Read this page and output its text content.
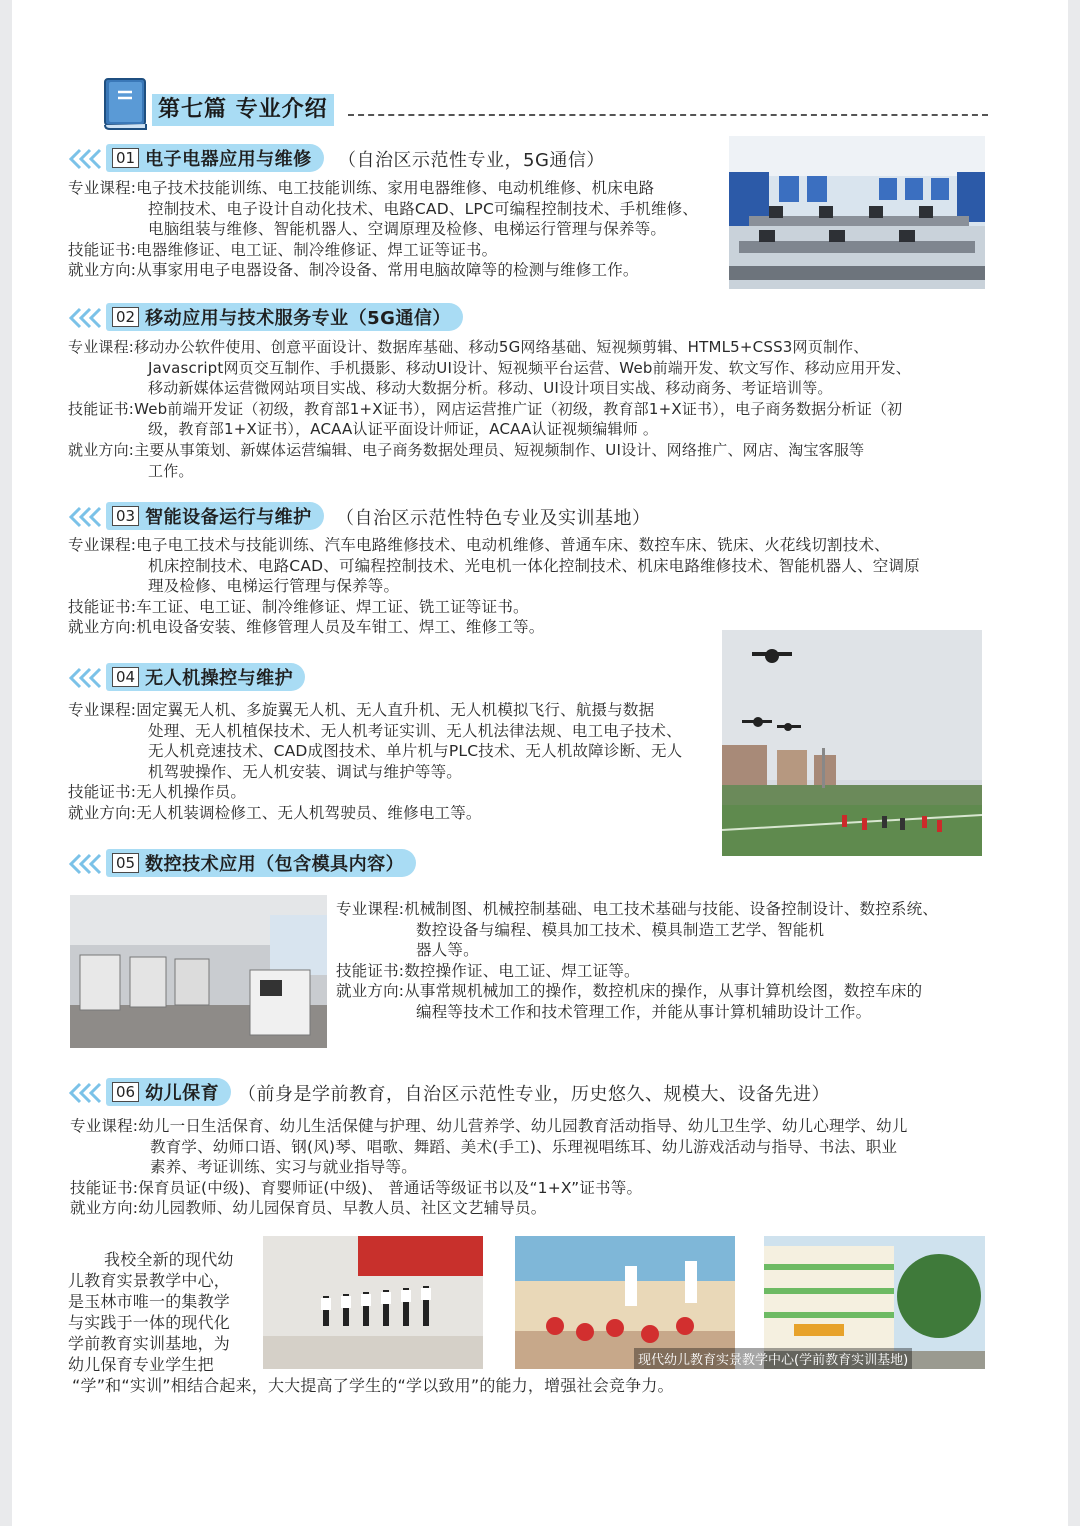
第七篇 专业介绍
01 电子电器应用与维修 （自治区示范性专业，5G通信）
专业课程:电子技术技能训练、电工技能训练、家用电器维修、电动机维修、机床电路
控制技术、电子设计自动化技术、电路CAD、LPC可编程控制技术、手机维修、
电脑组装与维修、智能机器人、空调原理及检修、电梯运行管理与保养等。
技能证书:电器维修证、电工证、制冷维修证、焊工证等证书。
就业方向:从事家用电子电器设备、制冷设备、常用电脑故障等的检测与维修工作。
02 移动应用与技术服务专业（5G通信）
专业课程:移动办公软件使用、创意平面设计、数据库基础、移动5G网络基础、短视频剪辑、HTML5+CSS3网页制作、
Javascript网页交互制作、手机摄影、移动UI设计、短视频平台运营、Web前端开发、软文写作、移动应用开发、
移动新媒体运营微网站项目实战、移动大数据分析。移动、UI设计项目实战、移动商务、考证培训等。
技能证书:Web前端开发证（初级，教育部1+X证书），网店运营推广证（初级，教育部1+X证书），电子商务数据分析证（初
级，教育部1+X证书），ACAA认证平面设计师证，ACAA认证视频编辑师 。
就业方向:主要从事策划、新媒体运营编辑、电子商务数据处理员、短视频制作、UI设计、网络推广、网店、淘宝客服等
工作。
03 智能设备运行与维护 （自治区示范性特色专业及实训基地）
专业课程:电子电工技术与技能训练、汽车电路维修技术、电动机维修、普通车床、数控车床、铣床、火花线切割技术、
机床控制技术、电路CAD、可编程控制技术、光电机一体化控制技术、机床电路维修技术、智能机器人、空调原
理及检修、电梯运行管理与保养等。
技能证书:车工证、电工证、制冷维修证、焊工证、铣工证等证书。
就业方向:机电设备安装、维修管理人员及车钳工、焊工、维修工等。
04 无人机操控与维护
专业课程:固定翼无人机、多旋翼无人机、无人直升机、无人机模拟飞行、航摄与数据
处理、无人机植保技术、无人机考证实训、无人机法律法规、电工电子技术、
无人机竞速技术、CAD成图技术、单片机与PLC技术、无人机故障诊断、无人
机驾驶操作、无人机安装、调试与维护等等。
技能证书:无人机操作员。
就业方向:无人机装调检修工、无人机驾驶员、维修电工等。
05 数控技术应用（包含模具内容）
专业课程:机械制图、机械控制基础、电工技术基础与技能、设备控制设计、数控系统、
数控设备与编程、模具加工技术、模具制造工艺学、智能机
器人等。
技能证书:数控操作证、电工证、焊工证等。
就业方向:从事常规机械加工的操作，数控机床的操作，从事计算机绘图，数控车床的
编程等技术工作和技术管理工作，并能从事计算机辅助设计工作。
06 幼儿保育 （前身是学前教育，自治区示范性专业，历史悠久、规模大、设备先进）
专业课程:幼儿一日生活保育、幼儿生活保健与护理、幼儿营养学、幼儿园教育活动指导、幼儿卫生学、幼儿心理学、幼儿
教育学、幼师口语、钢(风)琴、唱歌、舞蹈、美术(手工)、乐理视唱练耳、幼儿游戏活动与指导、书法、职业
素养、考证训练、实习与就业指导等。
技能证书:保育员证(中级)、育婴师证(中级)、 普通话等级证书以及“1+X”证书等。
就业方向:幼儿园教师、幼儿园保育员、早教人员、社区文艺辅导员。
我校全新的现代幼
儿教育实景教学中心，
是玉林市唯一的集教学
与实践于一体的现代化
学前教育实训基地，为
幼儿保育专业学生把
“学”和“实训”相结合起来，大大提高了学生的“学以致用”的能力，增强社会竞争力。
现代幼儿教育实景教学中心(学前教育实训基地)
